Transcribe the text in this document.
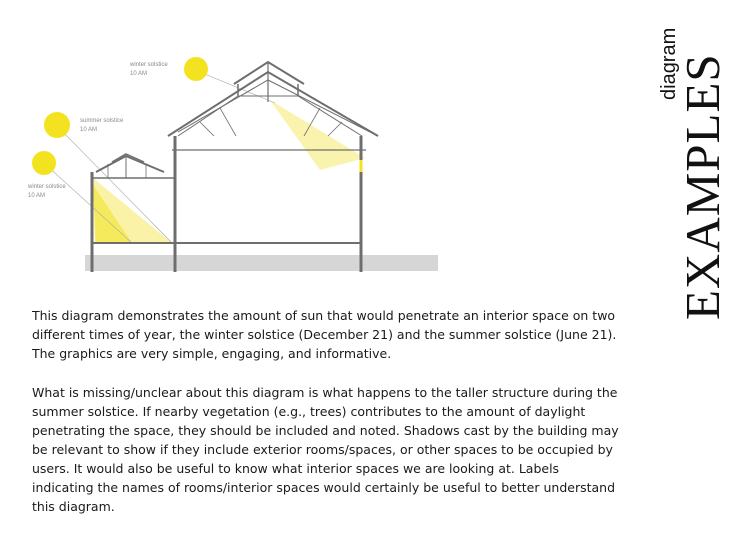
winter solstice
10 AM
summer solstice
10 AM
winter solstice
10 AM
diagram
EXAMPLES

This diagram demonstrates the amount of sun that would penetrate an interior space on two different times of year, the winter solstice (December 21) and the summer solstice (June 21). The graphics are very simple, engaging, and informative.

What is missing/unclear about this diagram is what happens to the taller structure during the summer solstice. If nearby vegetation (e.g., trees) contributes to the amount of daylight penetrating the space, they should be included and noted. Shadows cast by the building may be relevant to show if they include exterior rooms/spaces, or other spaces to be occupied by users. It would also be useful to know what interior spaces we are looking at. Labels indicating the names of rooms/interior spaces would certainly be useful to better understand this diagram.
